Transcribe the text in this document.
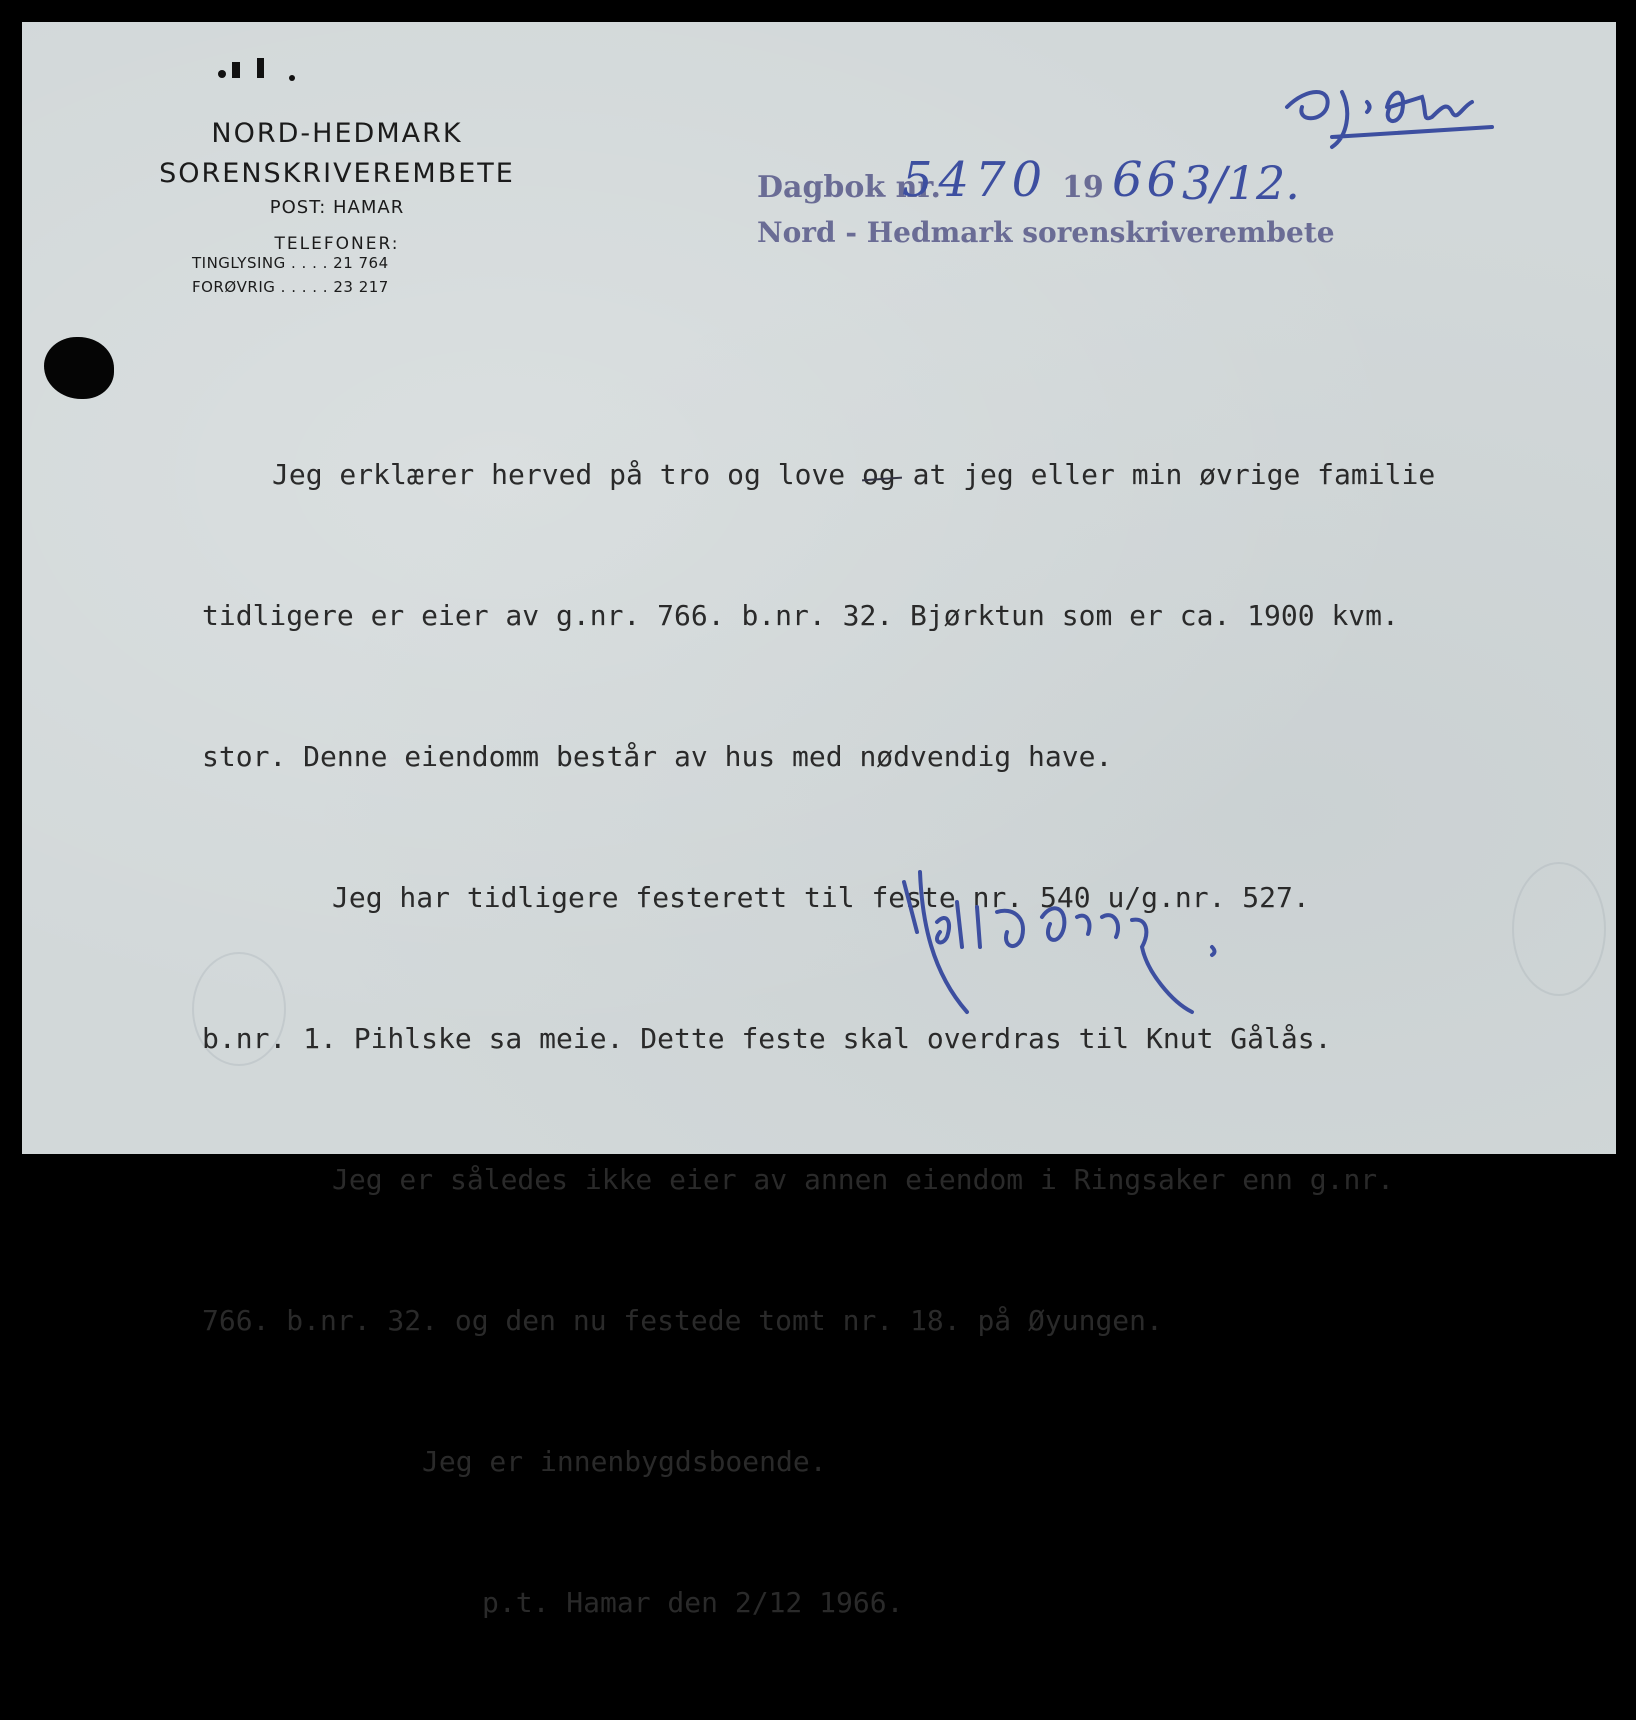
NORD-HEDMARK
SORENSKRIVEREMBETE
POST: HAMAR
TELEFONER:
TINGLYSING . . . . 21 764
FORØVRIG . . . . . 23 217
Dagbok nr.
5470 19 66 3/12.
Nord - Hedmark sorenskriverembete

Jeg erklærer herved på tro og love og at jeg eller min øvrige familie

tidligere er eier av g.nr. 766. b.nr. 32. Bjørktun som er ca. 1900 kvm.

stor. Denne eiendomm består av hus med nødvendig have.

Jeg har tidligere festerett til feste nr. 540 u/g.nr. 527.

b.nr. 1. Pihlske sa meie. Dette feste skal overdras til Knut Gålås.

Jeg er således ikke eier av annen eiendom i Ringsaker enn g.nr.

766. b.nr. 32. og den nu festede tomt nr. 18. på Øyungen.

Jeg er innenbygdsboende.

p.t. Hamar den 2/12 1966.
